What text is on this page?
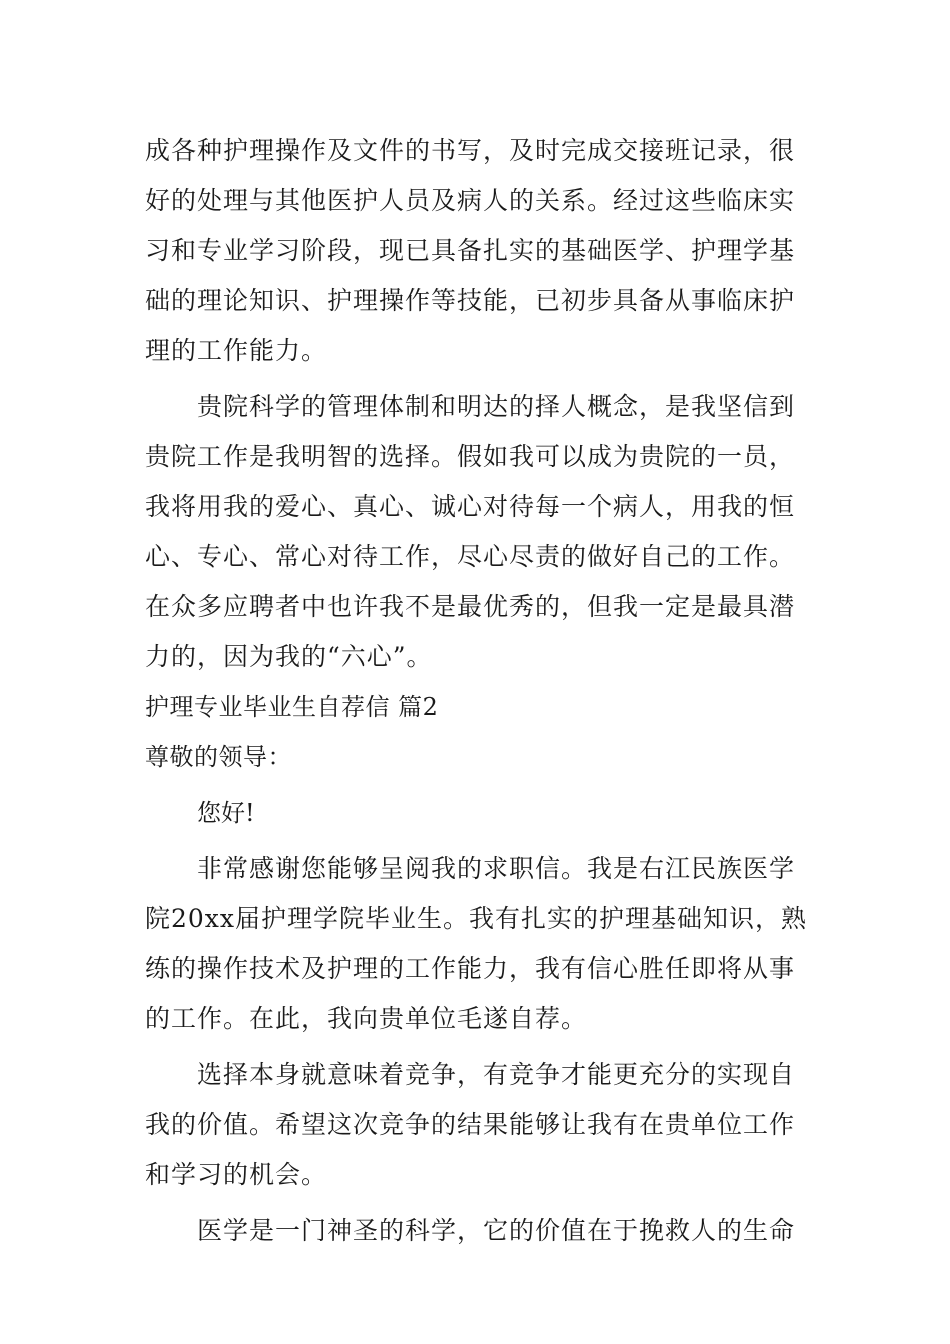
成各种护理操作及文件的书写，及时完成交接班记录，很
好的处理与其他医护人员及病人的关系。经过这些临床实
习和专业学习阶段，现已具备扎实的基础医学、护理学基
础的理论知识、护理操作等技能，已初步具备从事临床护
理的工作能力。

贵院科学的管理体制和明达的择人概念，是我坚信到
贵院工作是我明智的选择。假如我可以成为贵院的一员，
我将用我的爱心、真心、诚心对待每一个病人，用我的恒
心、专心、常心对待工作，尽心尽责的做好自己的工作。
在众多应聘者中也许我不是最优秀的，但我一定是最具潜
力的，因为我的“六心”。

护理专业毕业生自荐信 篇2

尊敬的领导：

您好!

非常感谢您能够呈阅我的求职信。我是右江民族医学
院20xx届护理学院毕业生。我有扎实的护理基础知识，熟
练的操作技术及护理的工作能力，我有信心胜任即将从事
的工作。在此，我向贵单位毛遂自荐。

选择本身就意味着竞争，有竞争才能更充分的实现自
我的价值。希望这次竞争的结果能够让我有在贵单位工作
和学习的机会。

医学是一门神圣的科学，它的价值在于挽救人的生命
